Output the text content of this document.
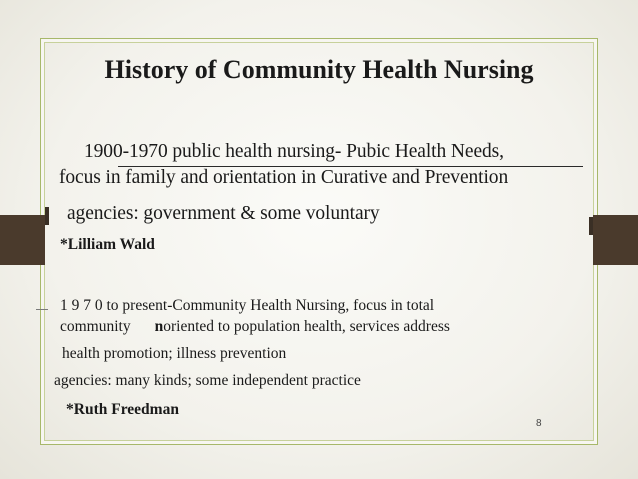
History of Community Health Nursing

1900-1970 public health nursing- Pubic Health Needs,

focus in family and orientation in Curative and Prevention

agencies: government & some voluntary

*Lilliam Wald

1 9 7 0 to present-Community Health Nursing, focus in total

community noriented to population health, services address

health promotion; illness prevention

agencies: many kinds; some independent practice

*Ruth Freedman

8
